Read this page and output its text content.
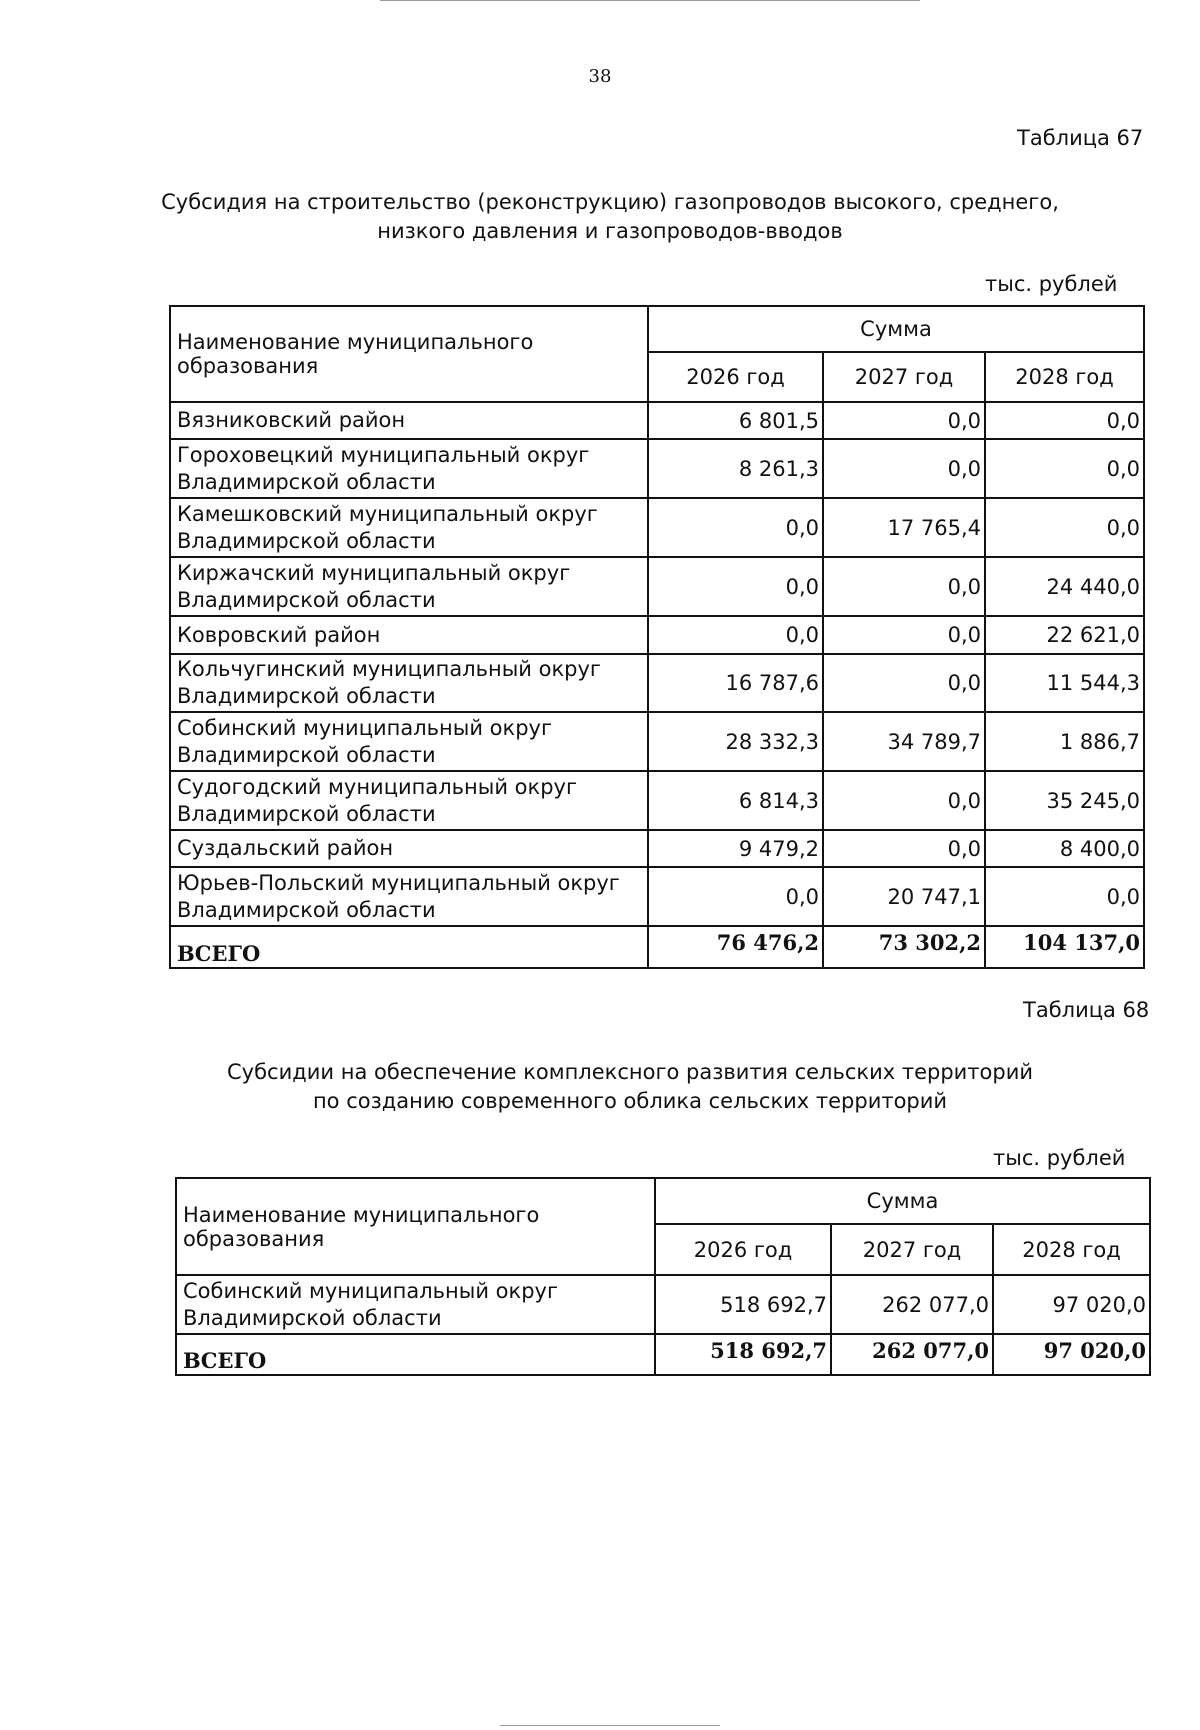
38
Таблица 67
Субсидия на строительство (реконструкцию) газопроводов высокого, среднего,
низкого давления и газопроводов-вводов
тыс. рублей
Наименование муниципального образования	Сумма		
	2026 год	2027 год	2028 год

Вязниковский район	6 801,5	0,0	0,0

Гороховецкий муниципальный округ
Владимирской области	8 261,3	0,0	0,0

Камешковский муниципальный округ
Владимирской области	0,0	17 765,4	0,0

Киржачский муниципальный округ
Владимирской области	0,0	0,0	24 440,0

Ковровский район	0,0	0,0	22 621,0

Кольчугинский муниципальный округ
Владимирской области	16 787,6	0,0	11 544,3

Собинский муниципальный округ
Владимирской области	28 332,3	34 789,7	1 886,7

Судогодский муниципальный округ
Владимирской области	6 814,3	0,0	35 245,0

Суздальский район	9 479,2	0,0	8 400,0

Юрьев-Польский муниципальный округ
Владимирской области	0,0	20 747,1	0,0
ВСЕГО	76 476,2	73 302,2	104 137,0
Таблица 68
Субсидии на обеспечение комплексного развития сельских территорий
по созданию современного облика сельских территорий
тыс. рублей
Наименование муниципального образования	Сумма		
	2026 год	2027 год	2028 год

Собинский муниципальный округ
Владимирской области	518 692,7	262 077,0	97 020,0
ВСЕГО	518 692,7	262 077,0	97 020,0
